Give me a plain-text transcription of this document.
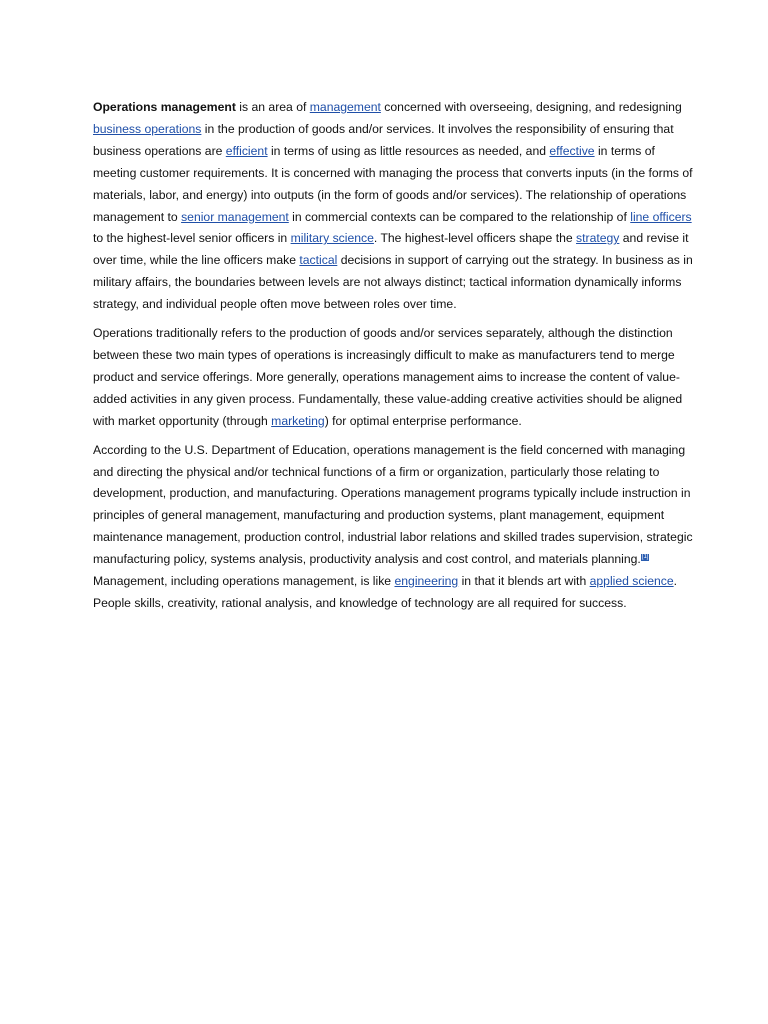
Operations management is an area of management concerned with overseeing, designing, and redesigning business operations in the production of goods and/or services. It involves the responsibility of ensuring that business operations are efficient in terms of using as little resources as needed, and effective in terms of meeting customer requirements. It is concerned with managing the process that converts inputs (in the forms of materials, labor, and energy) into outputs (in the form of goods and/or services). The relationship of operations management to senior management in commercial contexts can be compared to the relationship of line officers to the highest-level senior officers in military science. The highest-level officers shape the strategy and revise it over time, while the line officers make tactical decisions in support of carrying out the strategy. In business as in military affairs, the boundaries between levels are not always distinct; tactical information dynamically informs strategy, and individual people often move between roles over time.

Operations traditionally refers to the production of goods and/or services separately, although the distinction between these two main types of operations is increasingly difficult to make as manufacturers tend to merge product and service offerings. More generally, operations management aims to increase the content of value-added activities in any given process. Fundamentally, these value-adding creative activities should be aligned with market opportunity (through marketing) for optimal enterprise performance.

According to the U.S. Department of Education, operations management is the field concerned with managing and directing the physical and/or technical functions of a firm or organization, particularly those relating to development, production, and manufacturing. Operations management programs typically include instruction in principles of general management, manufacturing and production systems, plant management, equipment maintenance management, production control, industrial labor relations and skilled trades supervision, strategic manufacturing policy, systems analysis, productivity analysis and cost control, and materials planning.[1] Management, including operations management, is like engineering in that it blends art with applied science. People skills, creativity, rational analysis, and knowledge of technology are all required for success.
